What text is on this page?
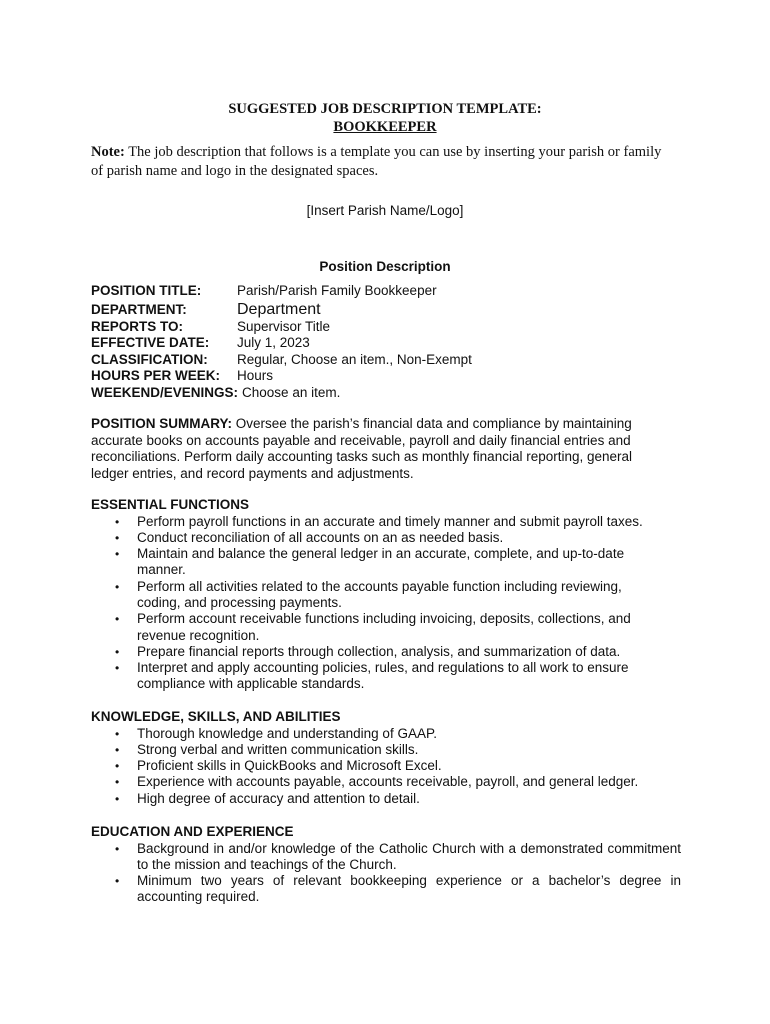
SUGGESTED JOB DESCRIPTION TEMPLATE:
BOOKKEEPER
Note: The job description that follows is a template you can use by inserting your parish or family of parish name and logo in the designated spaces.
[Insert Parish Name/Logo]
Position Description
POSITION TITLE:	Parish/Parish Family Bookkeeper
DEPARTMENT:	Department
REPORTS TO:	Supervisor Title
EFFECTIVE DATE: July 1, 2023
CLASSIFICATION: Regular, Choose an item., Non-Exempt
HOURS PER WEEK: Hours
WEEKEND/EVENINGS: Choose an item.
POSITION SUMMARY: Oversee the parish’s financial data and compliance by maintaining accurate books on accounts payable and receivable, payroll and daily financial entries and reconciliations. Perform daily accounting tasks such as monthly financial reporting, general ledger entries, and record payments and adjustments.
ESSENTIAL FUNCTIONS
• Perform payroll functions in an accurate and timely manner and submit payroll taxes.
• Conduct reconciliation of all accounts on an as needed basis.
• Maintain and balance the general ledger in an accurate, complete, and up-to-date manner.
• Perform all activities related to the accounts payable function including reviewing, coding, and processing payments.
• Perform account receivable functions including invoicing, deposits, collections, and revenue recognition.
• Prepare financial reports through collection, analysis, and summarization of data.
• Interpret and apply accounting policies, rules, and regulations to all work to ensure compliance with applicable standards.
KNOWLEDGE, SKILLS, AND ABILITIES
• Thorough knowledge and understanding of GAAP.
• Strong verbal and written communication skills.
• Proficient skills in QuickBooks and Microsoft Excel.
• Experience with accounts payable, accounts receivable, payroll, and general ledger.
• High degree of accuracy and attention to detail.
EDUCATION AND EXPERIENCE
• Background in and/or knowledge of the Catholic Church with a demonstrated commitment to the mission and teachings of the Church.
• Minimum two years of relevant bookkeeping experience or a bachelor’s degree in accounting required.
